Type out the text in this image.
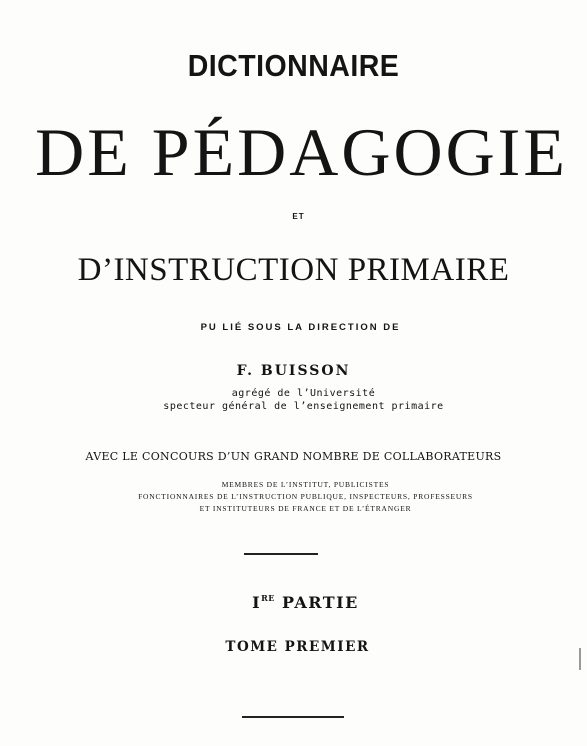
DICTIONNAIRE
DE PÉDAGOGIE
ET
D’INSTRUCTION PRIMAIRE
PU LIÉ SOUS LA DIRECTION DE
F. BUISSON
agrégé de l’Université
specteur général de l’enseignement primaire
AVEC LE CONCOURS D’UN GRAND NOMBRE DE COLLABORATEURS
MEMBRES DE L’INSTITUT, PUBLICISTES
FONCTIONNAIRES DE L’INSTRUCTION PUBLIQUE, INSPECTEURS, PROFESSEURS
ET INSTITUTEURS DE FRANCE ET DE L’ÉTRANGER
IRE PARTIE
TOME PREMIER
